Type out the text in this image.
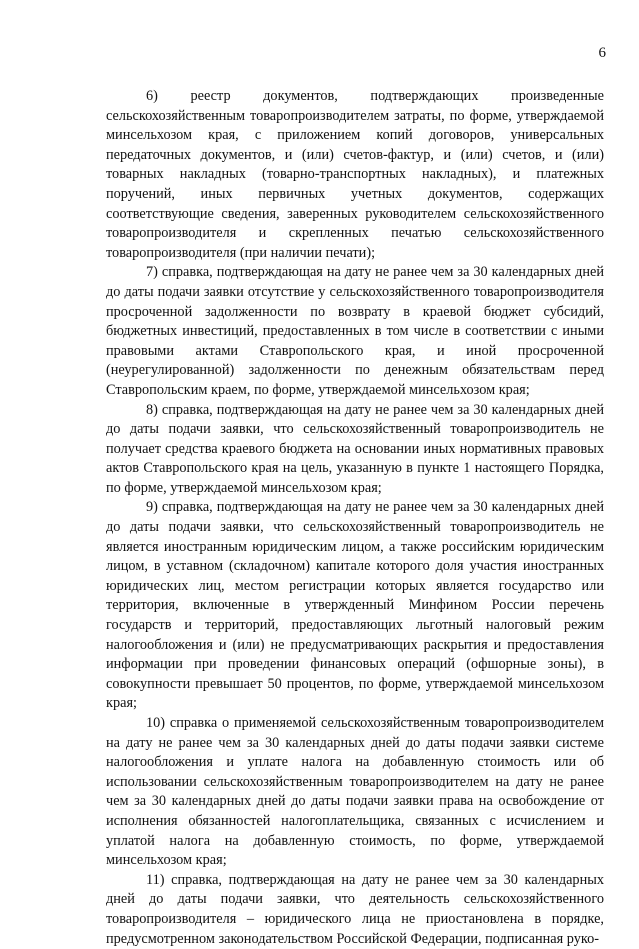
6

6) реестр документов, подтверждающих произведенные сельскохозяйственным товаропроизводителем затраты, по форме, утверждаемой минсельхозом края, с приложением копий договоров, универсальных передаточных документов, и (или) счетов-фактур, и (или) счетов, и (или) товарных накладных (товарно-транспортных накладных), и платежных поручений, иных первичных учетных документов, содержащих соответствующие сведения, заверенных руководителем сельскохозяйственного товаропроизводителя и скрепленных печатью сельскохозяйственного товаропроизводителя (при наличии печати);

7) справка, подтверждающая на дату не ранее чем за 30 календарных дней до даты подачи заявки отсутствие у сельскохозяйственного товаропроизводителя просроченной задолженности по возврату в краевой бюджет субсидий, бюджетных инвестиций, предоставленных в том числе в соответствии с иными правовыми актами Ставропольского края, и иной просроченной (неурегулированной) задолженности по денежным обязательствам перед Ставропольским краем, по форме, утверждаемой минсельхозом края;

8) справка, подтверждающая на дату не ранее чем за 30 календарных дней до даты подачи заявки, что сельскохозяйственный товаропроизводитель не получает средства краевого бюджета на основании иных нормативных правовых актов Ставропольского края на цель, указанную в пункте 1 настоящего Порядка, по форме, утверждаемой минсельхозом края;

9) справка, подтверждающая на дату не ранее чем за 30 календарных дней до даты подачи заявки, что сельскохозяйственный товаропроизводитель не является иностранным юридическим лицом, а также российским юридическим лицом, в уставном (складочном) капитале которого доля участия иностранных юридических лиц, местом регистрации которых является государство или территория, включенные в утвержденный Минфином России перечень государств и территорий, предоставляющих льготный налоговый режим налогообложения и (или) не предусматривающих раскрытия и предоставления информации при проведении финансовых операций (офшорные зоны), в совокупности превышает 50 процентов, по форме, утверждаемой минсельхозом края;

10) справка о применяемой сельскохозяйственным товаропроизводителем на дату не ранее чем за 30 календарных дней до даты подачи заявки системе налогообложения и уплате налога на добавленную стоимость или об использовании сельскохозяйственным товаропроизводителем на дату не ранее чем за 30 календарных дней до даты подачи заявки права на освобождение от исполнения обязанностей налогоплательщика, связанных с исчислением и уплатой налога на добавленную стоимость, по форме, утверждаемой минсельхозом края;

11) справка, подтверждающая на дату не ранее чем за 30 календарных дней до даты подачи заявки, что деятельность сельскохозяйственного товаропроизводителя – юридического лица не приостановлена в порядке, предусмотренном законодательством Российской Федерации, подписанная руко-
